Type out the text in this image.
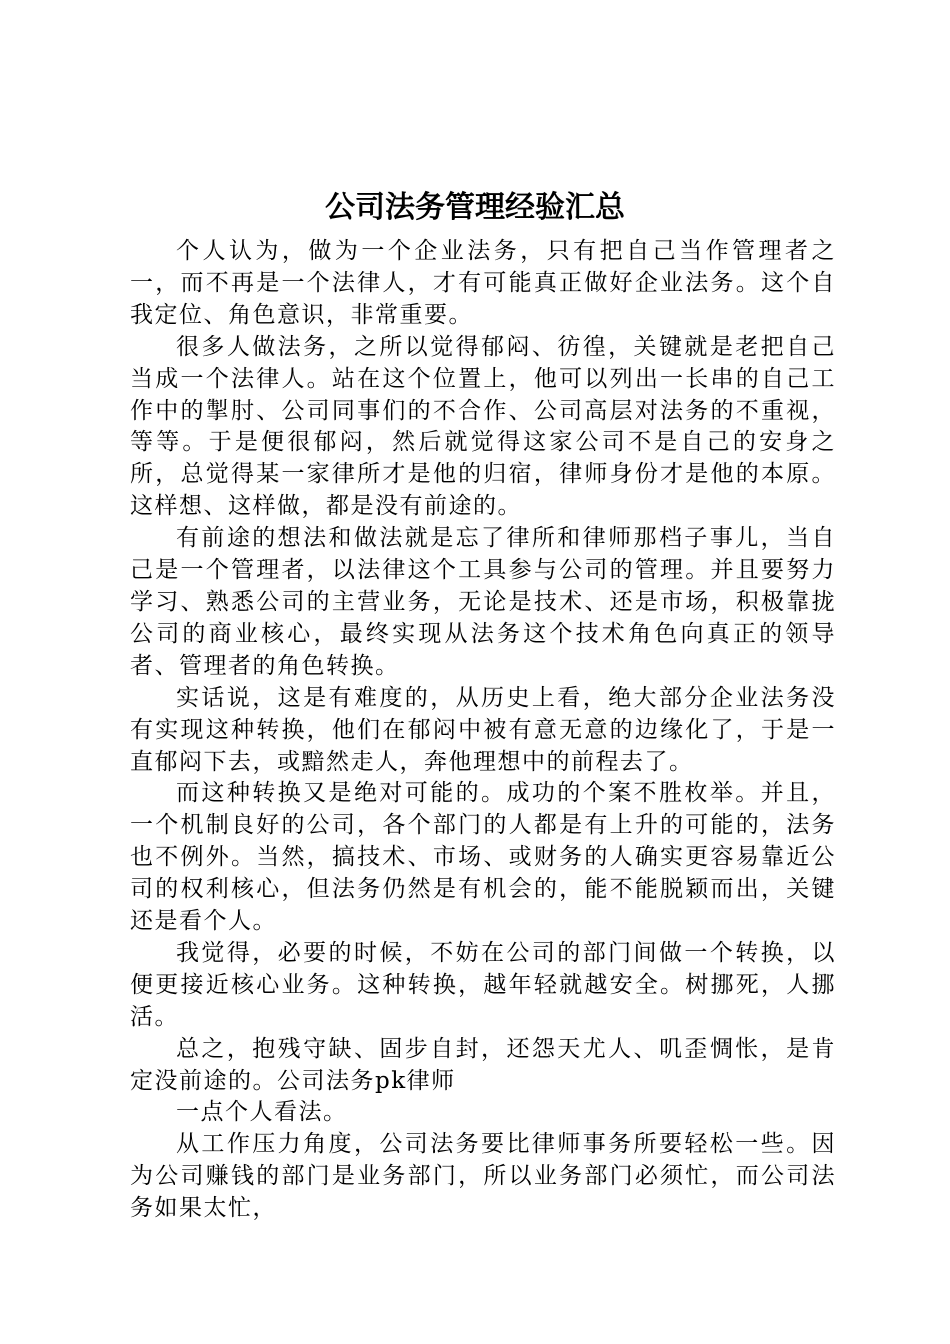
公司法务管理经验汇总

个人认为，做为一个企业法务，只有把自己当作管理者之一，而不再是一个法律人，才有可能真正做好企业法务。这个自我定位、角色意识，非常重要。

很多人做法务，之所以觉得郁闷、彷徨，关键就是老把自己当成一个法律人。站在这个位置上，他可以列出一长串的自己工作中的掣肘、公司同事们的不合作、公司高层对法务的不重视，等等。于是便很郁闷，然后就觉得这家公司不是自己的安身之所，总觉得某一家律所才是他的归宿，律师身份才是他的本原。这样想、这样做，都是没有前途的。

有前途的想法和做法就是忘了律所和律师那档子事儿，当自己是一个管理者，以法律这个工具参与公司的管理。并且要努力学习、熟悉公司的主营业务，无论是技术、还是市场，积极靠拢公司的商业核心，最终实现从法务这个技术角色向真正的领导者、管理者的角色转换。

实话说，这是有难度的，从历史上看，绝大部分企业法务没有实现这种转换，他们在郁闷中被有意无意的边缘化了，于是一直郁闷下去，或黯然走人，奔他理想中的前程去了。

而这种转换又是绝对可能的。成功的个案不胜枚举。并且，一个机制良好的公司，各个部门的人都是有上升的可能的，法务也不例外。当然，搞技术、市场、或财务的人确实更容易靠近公司的权利核心，但法务仍然是有机会的，能不能脱颖而出，关键还是看个人。

我觉得，必要的时候，不妨在公司的部门间做一个转换，以便更接近核心业务。这种转换，越年轻就越安全。树挪死，人挪活。

总之，抱残守缺、固步自封，还怨天尤人、叽歪惆怅，是肯定没前途的。公司法务pk律师

一点个人看法。

从工作压力角度，公司法务要比律师事务所要轻松一些。因为公司赚钱的部门是业务部门，所以业务部门必须忙，而公司法务如果太忙，
